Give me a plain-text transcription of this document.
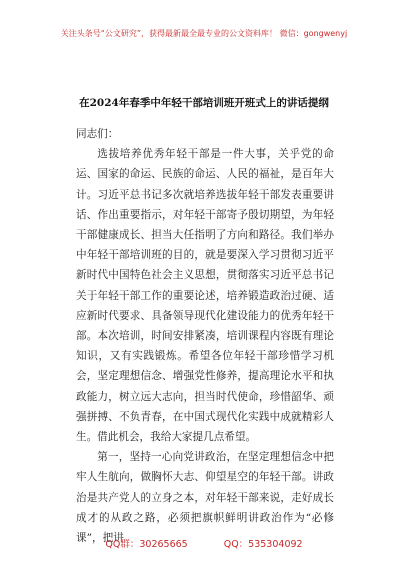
关注头条号“公文研究”，获得最新最全最专业的公文资料库！ 微信：gongwenyj
在2024年春季中年轻干部培训班开班式上的讲话提纲

同志们：

选拔培养优秀年轻干部是一件大事，关乎党的命运、国家的命运、民族的命运、人民的福祉，是百年大计。习近平总书记多次就培养选拔年轻干部发表重要讲话、作出重要指示，对年轻干部寄予殷切期望，为年轻干部健康成长、担当大任指明了方向和路径。我们举办中年轻干部培训班的目的，就是要深入学习贯彻习近平新时代中国特色社会主义思想，贯彻落实习近平总书记关于年轻干部工作的重要论述，培养锻造政治过硬、适应新时代要求、具备领导现代化建设能力的优秀年轻干部。本次培训，时间安排紧凑，培训课程内容既有理论知识，又有实践锻炼。希望各位年轻干部珍惜学习机会，坚定理想信念、增强党性修养，提高理论水平和执政能力，树立远大志向，担当时代使命，珍惜韶华、顽强拼搏、不负青春，在中国式现代化实践中成就精彩人生。借此机会，我给大家提几点希望。

第一，坚持一心向党讲政治，在坚定理想信念中把牢人生航向，做胸怀大志、仰望星空的年轻干部。讲政治是共产党人的立身之本，对年轻干部来说，走好成长成才的从政之路，必须把旗帜鲜明讲政治作为“必修课”，把讲

QQ群：30265665	QQ：535304092
